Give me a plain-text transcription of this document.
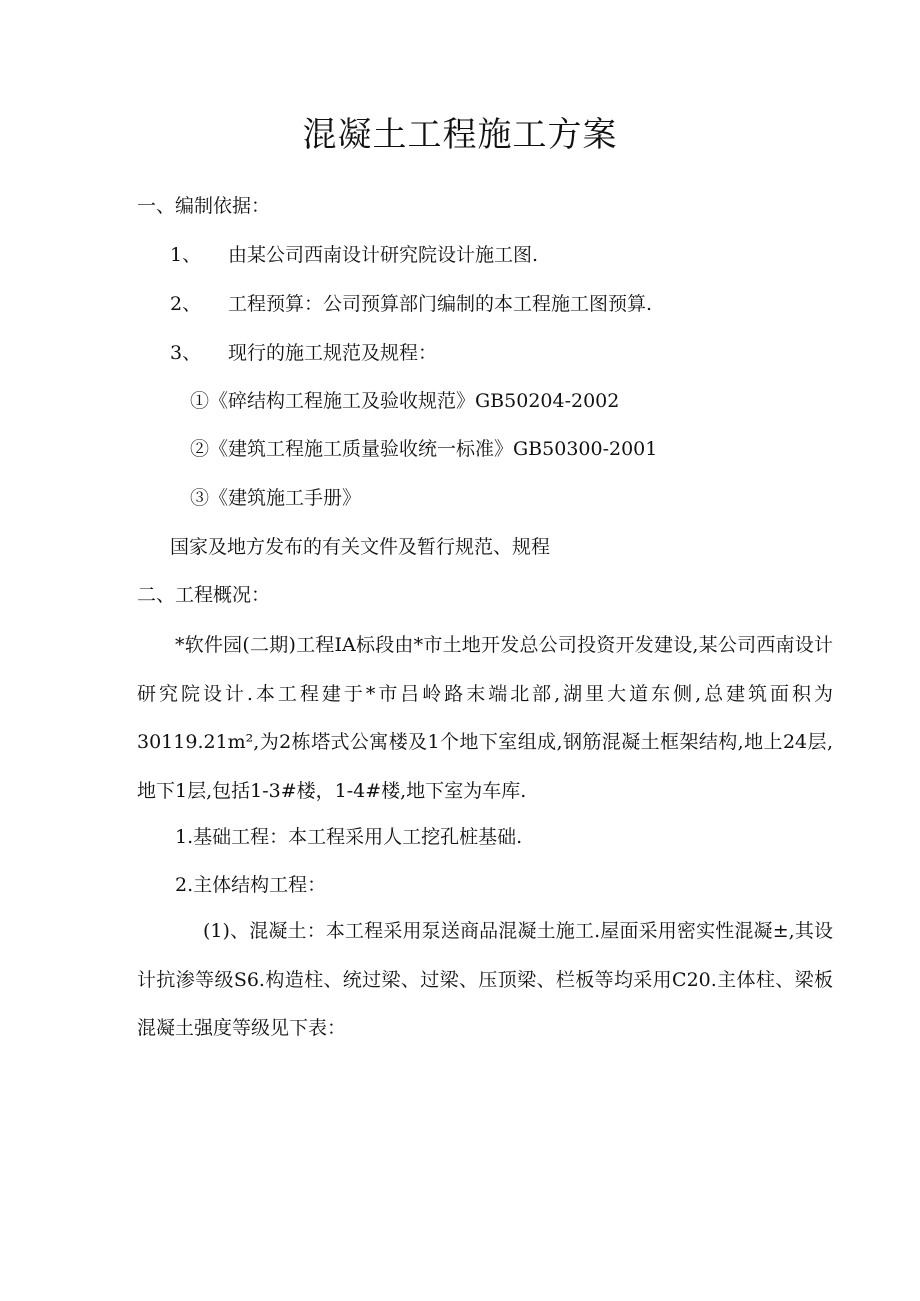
混凝土工程施工方案

一、编制依据：

1、 由某公司西南设计研究院设计施工图.

2、 工程预算：公司预算部门编制的本工程施工图预算.

3、 现行的施工规范及规程：

①《碎结构工程施工及验收规范》GB50204-2002

②《建筑工程施工质量验收统一标准》GB50300-2001

③《建筑施工手册》

国家及地方发布的有关文件及暂行规范、规程

二、工程概况：

*软件园(二期)工程IA标段由*市土地开发总公司投资开发建设,某公司西南设计研究院设计.本工程建于*市吕岭路末端北部,湖里大道东侧,总建筑面积为30119.21m²,为2栋塔式公寓楼及1个地下室组成,钢筋混凝土框架结构,地上24层,地下1层,包括1-3#楼，1-4#楼,地下室为车库.

1.基础工程：本工程采用人工挖孔桩基础.

2.主体结构工程：

(1)、混凝土：本工程采用泵送商品混凝土施工.屋面采用密实性混凝±,其设计抗渗等级S6.构造柱、统过梁、过梁、压顶梁、栏板等均采用C20.主体柱、梁板混凝土强度等级见下表：
